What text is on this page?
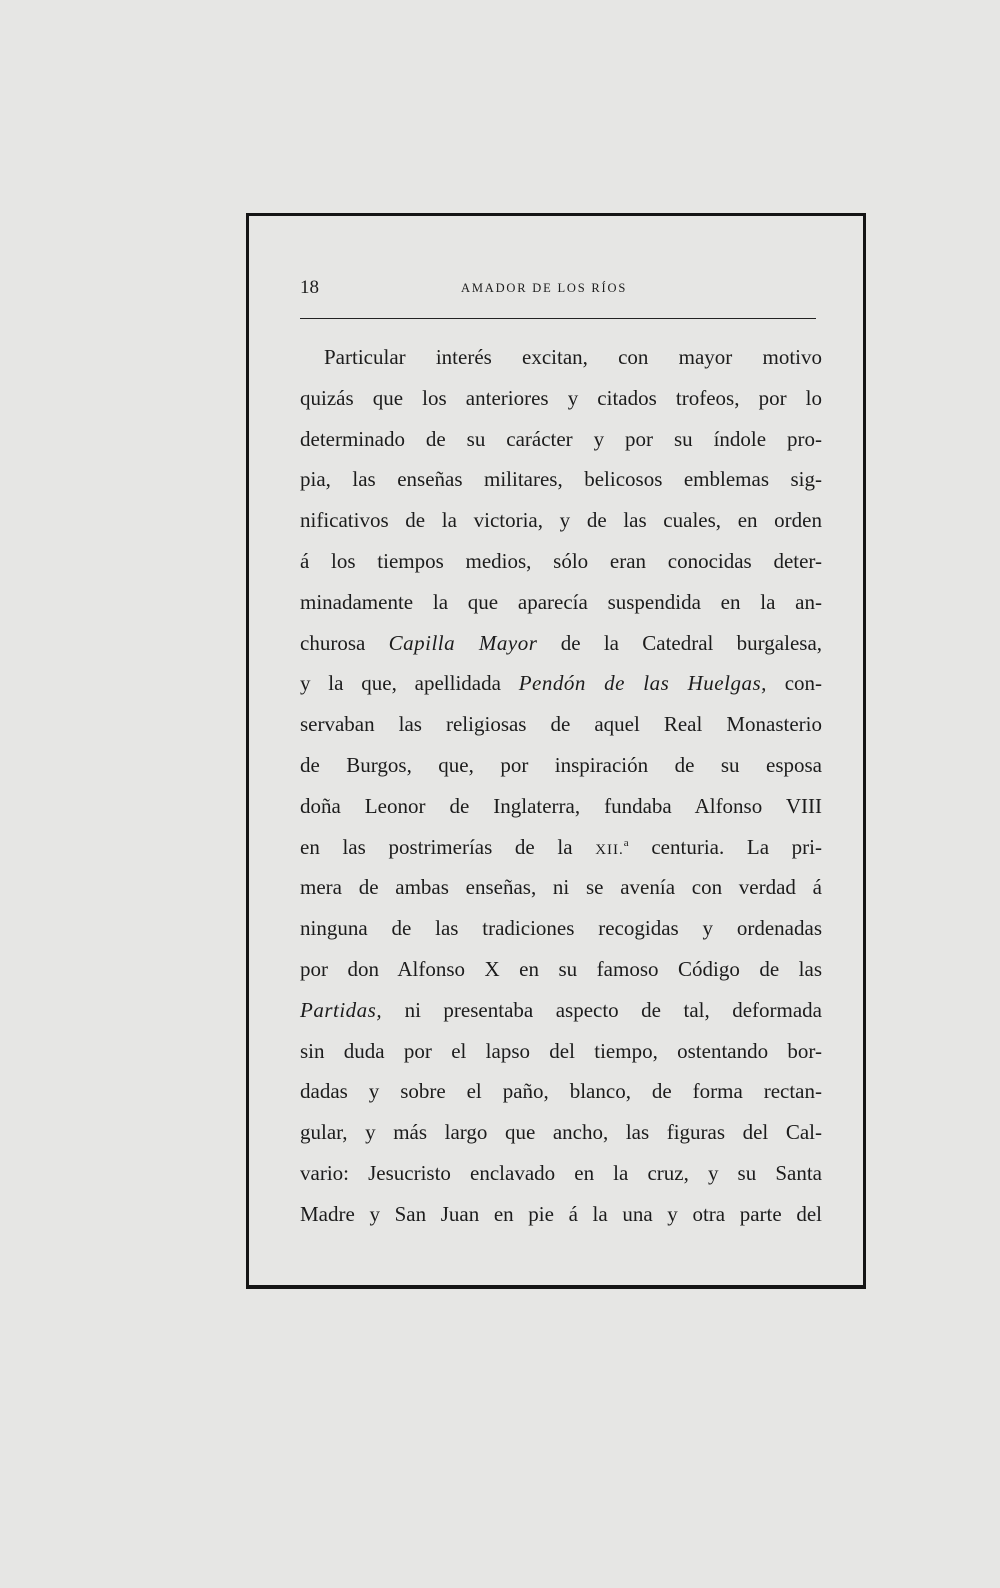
18	AMADOR DE LOS RÍOS
Particular interés excitan, con mayor motivo
quizás que los anteriores y citados trofeos, por lo
determinado de su carácter y por su índole pro-
pia, las enseñas militares, belicosos emblemas sig-
nificativos de la victoria, y de las cuales, en orden
á los tiempos medios, sólo eran conocidas deter-
minadamente la que aparecía suspendida en la an-
churosa Capilla Mayor de la Catedral burgalesa,
y la que, apellidada Pendón de las Huelgas, con-
servaban las religiosas de aquel Real Monasterio
de Burgos, que, por inspiración de su esposa
doña Leonor de Inglaterra, fundaba Alfonso VIII
en las postrimerías de la XII.$^a$ centuria. La pri-
mera de ambas enseñas, ni se avenía con verdad á
ninguna de las tradiciones recogidas y ordenadas
por don Alfonso X en su famoso Código de las
Partidas, ni presentaba aspecto de tal, deformada
sin duda por el lapso del tiempo, ostentando bor-
dadas y sobre el paño, blanco, de forma rectan-
gular, y más largo que ancho, las figuras del Cal-
vario: Jesucristo enclavado en la cruz, y su Santa
Madre y San Juan en pie á la una y otra parte del
